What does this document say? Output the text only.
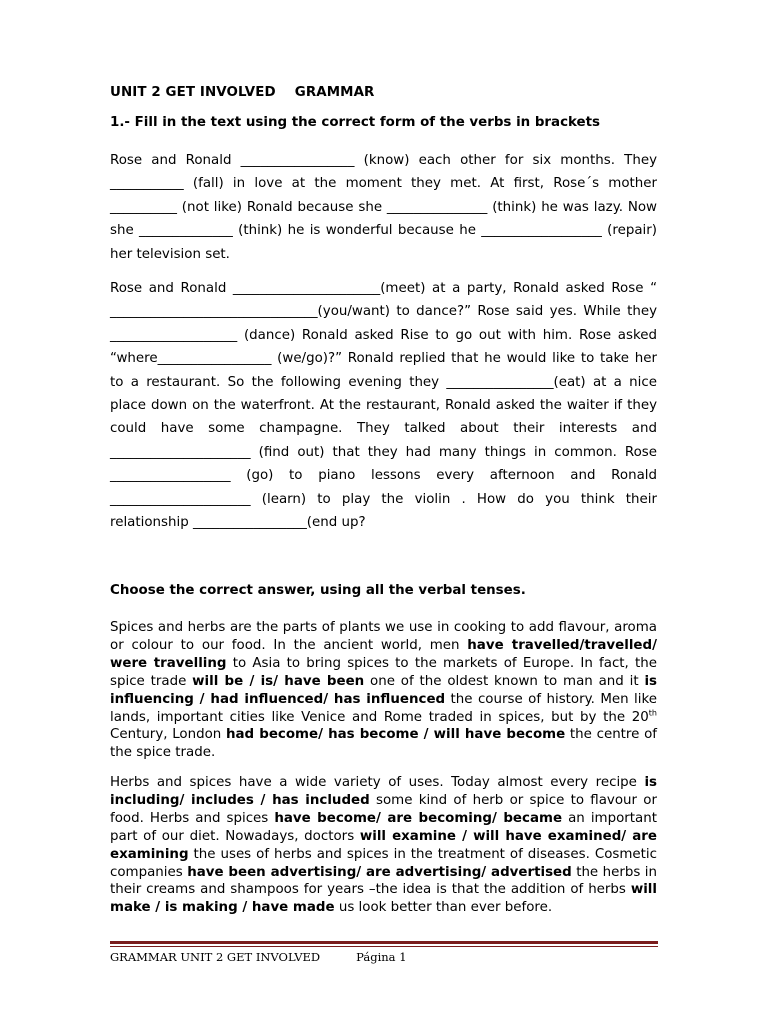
UNIT 2 GET INVOLVED GRAMMAR
1.- Fill in the text using the correct form of the verbs in brackets
Rose and Ronald _________________ (know) each other for six months. They ___________ (fall) in love at the moment they met. At first, Rose´s mother __________ (not like) Ronald because she _______________ (think) he was lazy. Now she ______________ (think) he is wonderful because he __________________ (repair) her television set.
Rose and Ronald ______________________(meet) at a party, Ronald asked Rose “ _______________________________(you/want) to dance?” Rose said yes. While they ___________________ (dance) Ronald asked Rise to go out with him. Rose asked “where_________________ (we/go)?” Ronald replied that he would like to take her to a restaurant. So the following evening they ________________(eat) at a nice place down on the waterfront. At the restaurant, Ronald asked the waiter if they could have some champagne. They talked about their interests and _____________________ (find out) that they had many things in common. Rose __________________ (go) to piano lessons every afternoon and Ronald _____________________ (learn) to play the violin . How do you think their relationship _________________(end up?
Choose the correct answer, using all the verbal tenses.
Spices and herbs are the parts of plants we use in cooking to add flavour, aroma or colour to our food. In the ancient world, men have travelled/travelled/ were travelling to Asia to bring spices to the markets of Europe. In fact, the spice trade will be / is/ have been one of the oldest known to man and it is influencing / had influenced/ has influenced the course of history. Men like lands, important cities like Venice and Rome traded in spices, but by the 20th Century, London had become/ has become / will have become the centre of the spice trade.
Herbs and spices have a wide variety of uses. Today almost every recipe is including/ includes / has included some kind of herb or spice to flavour or food. Herbs and spices have become/ are becoming/ became an important part of our diet. Nowadays, doctors will examine / will have examined/ are examining the uses of herbs and spices in the treatment of diseases. Cosmetic companies have been advertising/ are advertising/ advertised the herbs in their creams and shampoos for years –the idea is that the addition of herbs will make / is making / have made us look better than ever before.
GRAMMAR UNIT 2 GET INVOLVED	Página 1
